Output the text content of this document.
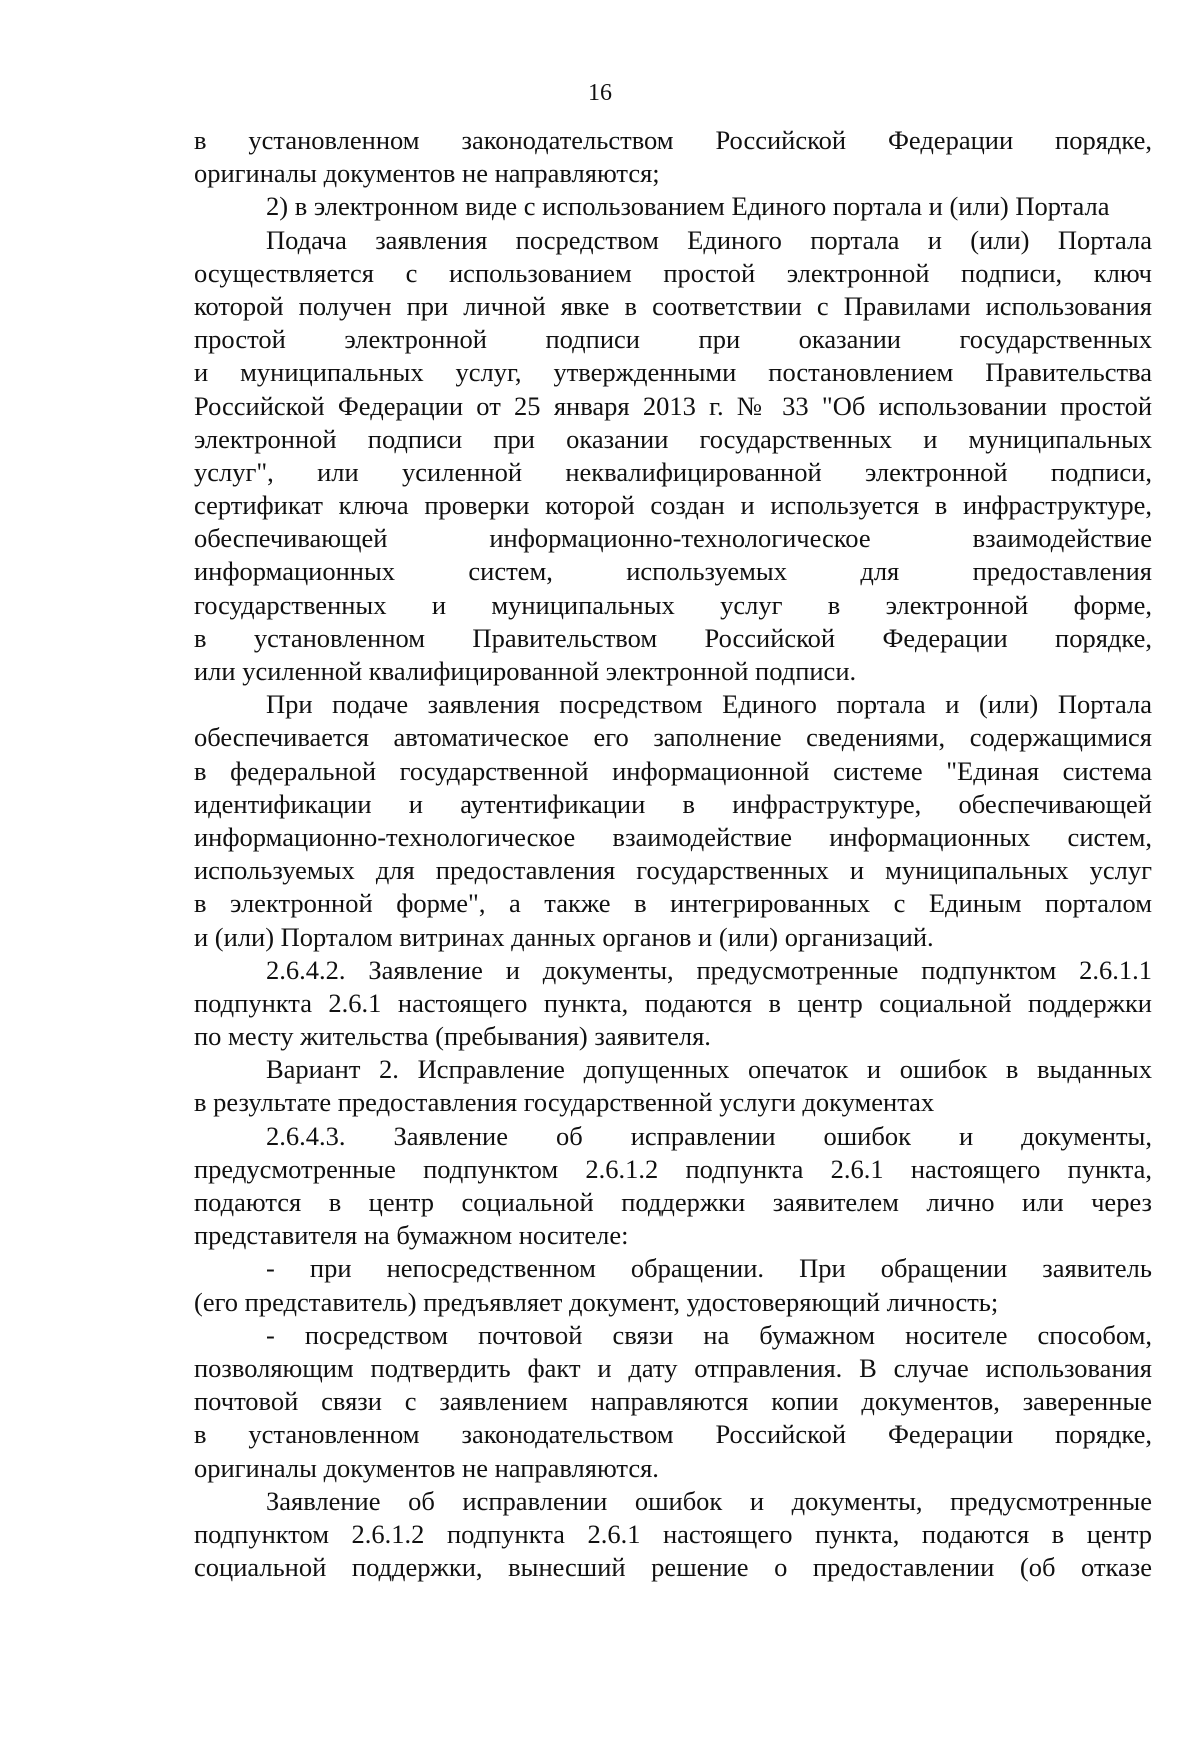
16
в установленном законодательством Российской Федерации порядке,
оригиналы документов не направляются;
2) в электронном виде с использованием Единого портала и (или) Портала
Подача заявления посредством Единого портала и (или) Портала
осуществляется с использованием простой электронной подписи, ключ
которой получен при личной явке в соответствии с Правилами использования
простой электронной подписи при оказании государственных
и муниципальных услуг, утвержденными постановлением Правительства
Российской Федерации от 25 января 2013 г. № 33 "Об использовании простой
электронной подписи при оказании государственных и муниципальных
услуг", или усиленной неквалифицированной электронной подписи,
сертификат ключа проверки которой создан и используется в инфраструктуре,
обеспечивающей информационно-технологическое взаимодействие
информационных систем, используемых для предоставления
государственных и муниципальных услуг в электронной форме,
в установленном Правительством Российской Федерации порядке,
или усиленной квалифицированной электронной подписи.
При подаче заявления посредством Единого портала и (или) Портала
обеспечивается автоматическое его заполнение сведениями, содержащимися
в федеральной государственной информационной системе "Единая система
идентификации и аутентификации в инфраструктуре, обеспечивающей
информационно-технологическое взаимодействие информационных систем,
используемых для предоставления государственных и муниципальных услуг
в электронной форме", а также в интегрированных с Единым порталом
и (или) Порталом витринах данных органов и (или) организаций.
2.6.4.2. Заявление и документы, предусмотренные подпунктом 2.6.1.1
подпункта 2.6.1 настоящего пункта, подаются в центр социальной поддержки
по месту жительства (пребывания) заявителя.
Вариант 2. Исправление допущенных опечаток и ошибок в выданных
в результате предоставления государственной услуги документах
2.6.4.3. Заявление об исправлении ошибок и документы,
предусмотренные подпунктом 2.6.1.2 подпункта 2.6.1 настоящего пункта,
подаются в центр социальной поддержки заявителем лично или через
представителя на бумажном носителе:
- при непосредственном обращении. При обращении заявитель
(его представитель) предъявляет документ, удостоверяющий личность;
- посредством почтовой связи на бумажном носителе способом,
позволяющим подтвердить факт и дату отправления. В случае использования
почтовой связи с заявлением направляются копии документов, заверенные
в установленном законодательством Российской Федерации порядке,
оригиналы документов не направляются.
Заявление об исправлении ошибок и документы, предусмотренные
подпунктом 2.6.1.2 подпункта 2.6.1 настоящего пункта, подаются в центр
социальной поддержки, вынесший решение о предоставлении (об отказе
